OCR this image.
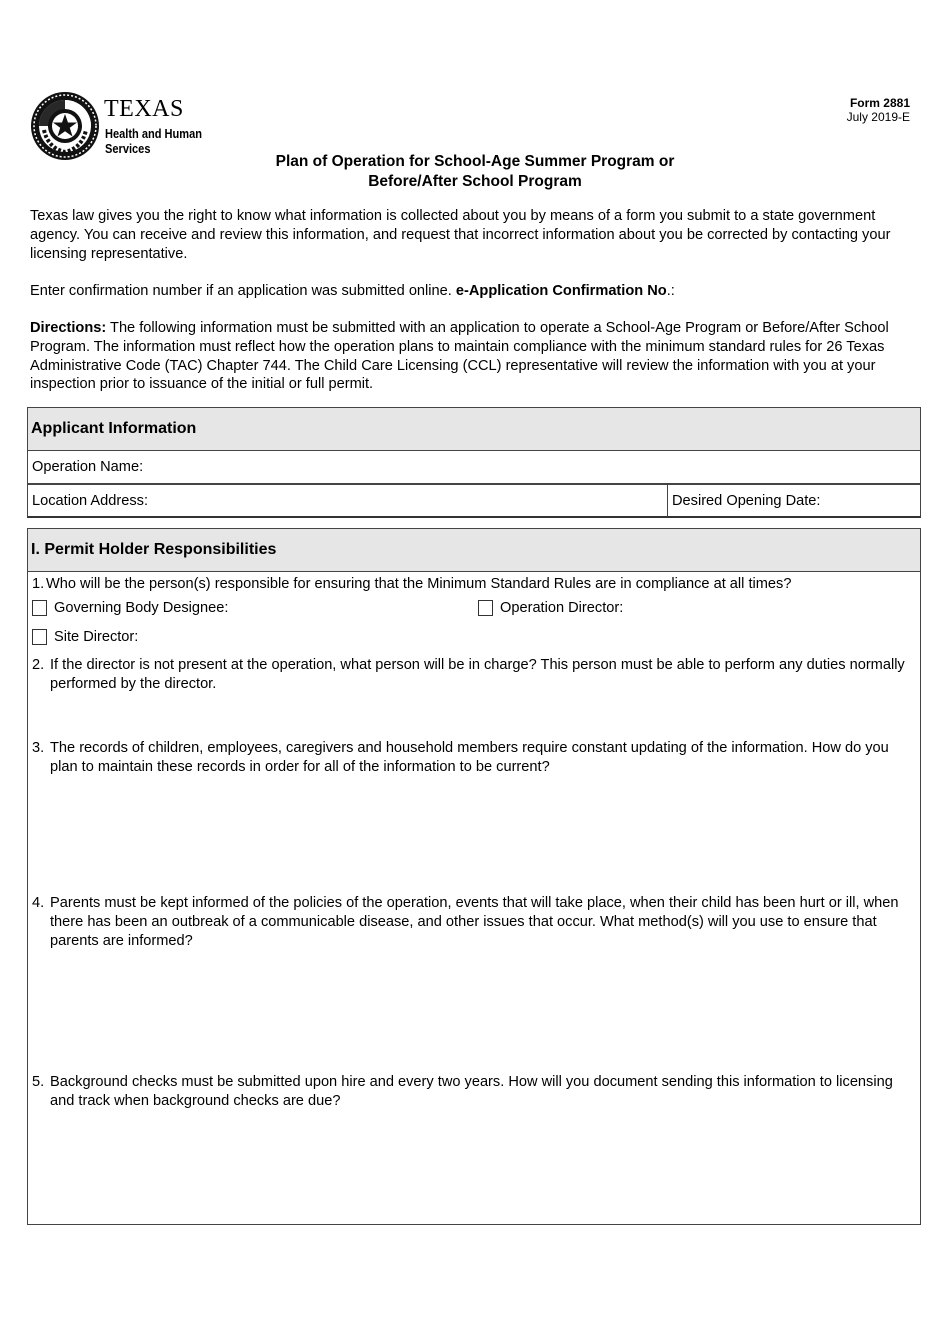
TEXAS
Health and Human
Services
Form 2881
July 2019-E
Plan of Operation for School-Age Summer Program or
Before/After School Program
Texas law gives you the right to know what information is collected about you by means of a form you submit to a state government agency. You can receive and review this information, and request that incorrect information about you be corrected by contacting your licensing representative.
Enter confirmation number if an application was submitted online. e-Application Confirmation No.:
Directions: The following information must be submitted with an application to operate a School-Age Program or Before/After School Program. The information must reflect how the operation plans to maintain compliance with the minimum standard rules for 26 Texas Administrative Code (TAC) Chapter 744. The Child Care Licensing (CCL) representative will review the information with you at your inspection prior to issuance of the initial or full permit.
Applicant Information
Operation Name:
Location Address:	Desired Opening Date:
I. Permit Holder Responsibilities
1. Who will be the person(s) responsible for ensuring that the Minimum Standard Rules are in compliance at all times?
Governing Body Designee:	Operation Director:
Site Director:
2. If the director is not present at the operation, what person will be in charge? This person must be able to perform any duties normally performed by the director.
3. The records of children, employees, caregivers and household members require constant updating of the information. How do you plan to maintain these records in order for all of the information to be current?
4. Parents must be kept informed of the policies of the operation, events that will take place, when their child has been hurt or ill, when there has been an outbreak of a communicable disease, and other issues that occur. What method(s) will you use to ensure that parents are informed?
5. Background checks must be submitted upon hire and every two years. How will you document sending this information to licensing and track when background checks are due?
